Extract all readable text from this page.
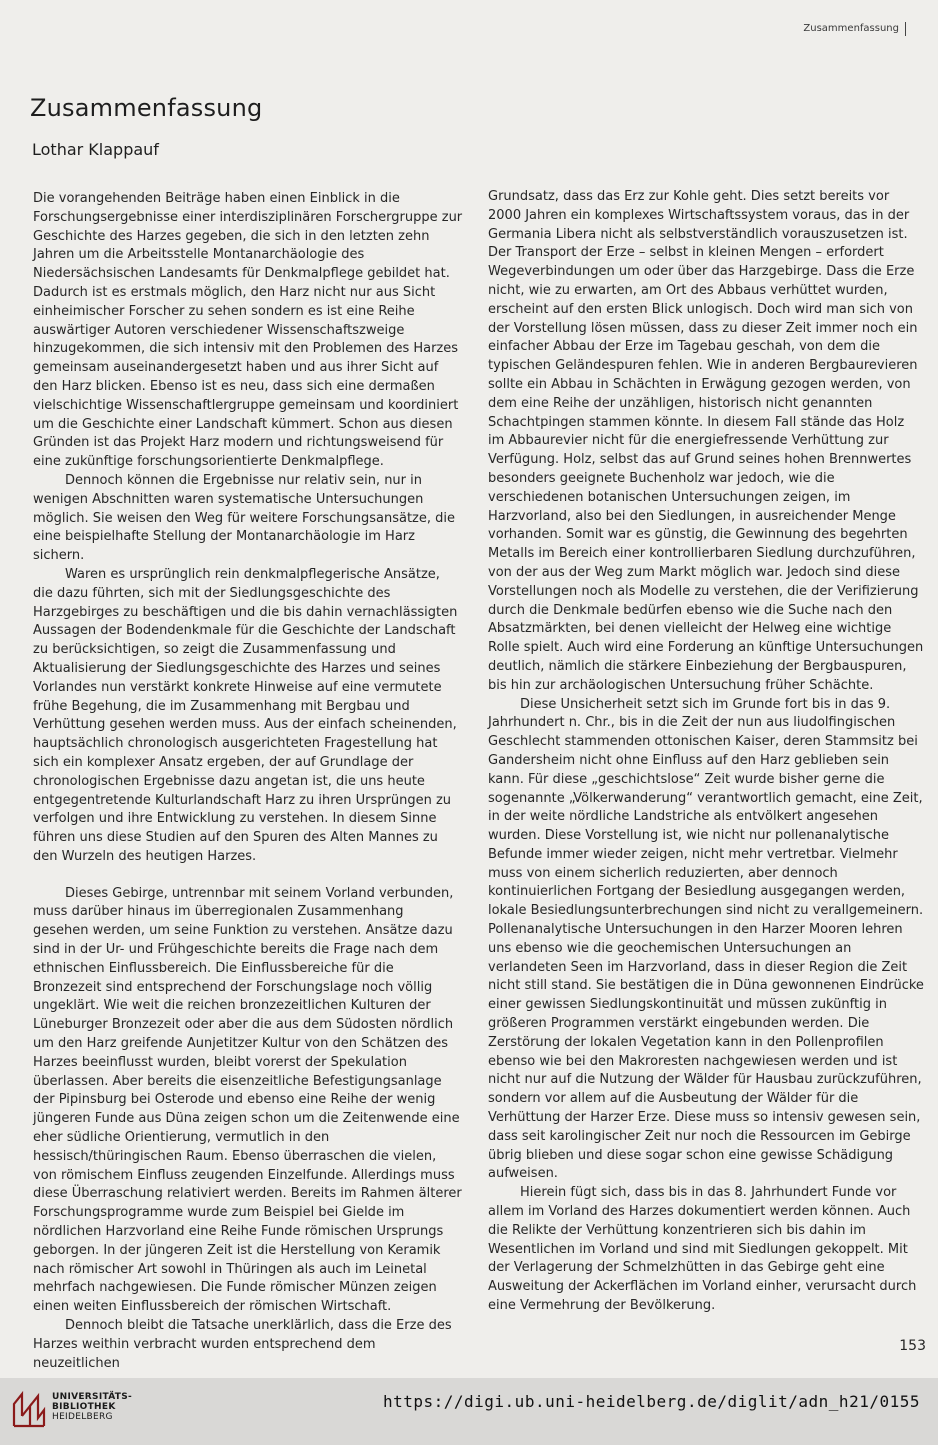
Zusammenfassung
Zusammenfassung
Lothar Klappauf

Die vorangehenden Beiträge haben einen Einblick in die Forschungsergebnisse einer interdisziplinären Forschergruppe zur Geschichte des Harzes gegeben, die sich in den letzten zehn Jahren um die Arbeitsstelle Montanarchäologie des Niedersächsischen Landesamts für Denkmalpflege gebildet hat. Dadurch ist es erstmals möglich, den Harz nicht nur aus Sicht einheimischer Forscher zu sehen sondern es ist eine Reihe auswärtiger Autoren verschiedener Wissenschaftszweige hinzugekommen, die sich intensiv mit den Problemen des Harzes gemeinsam auseinandergesetzt haben und aus ihrer Sicht auf den Harz blicken. Ebenso ist es neu, dass sich eine dermaßen vielschichtige Wissenschaftlergruppe gemeinsam und koordiniert um die Geschichte einer Landschaft kümmert. Schon aus diesen Gründen ist das Projekt Harz modern und richtungsweisend für eine zukünftige forschungsorientierte Denkmalpflege.

Dennoch können die Ergebnisse nur relativ sein, nur in wenigen Abschnitten waren systematische Untersuchungen möglich. Sie weisen den Weg für weitere Forschungsansätze, die eine beispielhafte Stellung der Montanarchäologie im Harz sichern.

Waren es ursprünglich rein denkmalpflegerische Ansätze, die dazu führten, sich mit der Siedlungsgeschichte des Harzgebirges zu beschäftigen und die bis dahin vernachlässigten Aussagen der Bodendenkmale für die Geschichte der Landschaft zu berücksichtigen, so zeigt die Zusammenfassung und Aktualisierung der Siedlungsgeschichte des Harzes und seines Vorlandes nun verstärkt konkrete Hinweise auf eine vermutete frühe Begehung, die im Zusammenhang mit Bergbau und Verhüttung gesehen werden muss. Aus der einfach scheinenden, hauptsächlich chronologisch ausgerichteten Fragestellung hat sich ein komplexer Ansatz ergeben, der auf Grundlage der chronologischen Ergebnisse dazu angetan ist, die uns heute entgegentretende Kulturlandschaft Harz zu ihren Ursprüngen zu verfolgen und ihre Entwicklung zu verstehen. In diesem Sinne führen uns diese Studien auf den Spuren des Alten Mannes zu den Wurzeln des heutigen Harzes.

Dieses Gebirge, untrennbar mit seinem Vorland verbunden, muss darüber hinaus im überregionalen Zusammenhang gesehen werden, um seine Funktion zu verstehen. Ansätze dazu sind in der Ur- und Frühgeschichte bereits die Frage nach dem ethnischen Einflussbereich. Die Einflussbereiche für die Bronzezeit sind entsprechend der Forschungslage noch völlig ungeklärt. Wie weit die reichen bronzezeitlichen Kulturen der Lüneburger Bronzezeit oder aber die aus dem Südosten nördlich um den Harz greifende Aunjetitzer Kultur von den Schätzen des Harzes beeinflusst wurden, bleibt vorerst der Spekulation überlassen. Aber bereits die eisenzeitliche Befestigungsanlage der Pipinsburg bei Osterode und ebenso eine Reihe der wenig jüngeren Funde aus Düna zeigen schon um die Zeitenwende eine eher südliche Orientierung, vermutlich in den hessisch/thüringischen Raum. Ebenso überraschen die vielen, von römischem Einfluss zeugenden Einzelfunde. Allerdings muss diese Überraschung relativiert werden. Bereits im Rahmen älterer Forschungsprogramme wurde zum Beispiel bei Gielde im nördlichen Harzvorland eine Reihe Funde römischen Ursprungs geborgen. In der jüngeren Zeit ist die Herstellung von Keramik nach römischer Art sowohl in Thüringen als auch im Leinetal mehrfach nachgewiesen. Die Funde römischer Münzen zeigen einen weiten Einflussbereich der römischen Wirtschaft.

Dennoch bleibt die Tatsache unerklärlich, dass die Erze des Harzes weithin verbracht wurden entsprechend dem neuzeitlichen

Grundsatz, dass das Erz zur Kohle geht. Dies setzt bereits vor 2000 Jahren ein komplexes Wirtschaftssystem voraus, das in der Germania Libera nicht als selbstverständlich vorauszusetzen ist. Der Transport der Erze – selbst in kleinen Mengen – erfordert Wegeverbindungen um oder über das Harzgebirge. Dass die Erze nicht, wie zu erwarten, am Ort des Abbaus verhüttet wurden, erscheint auf den ersten Blick unlogisch. Doch wird man sich von der Vorstellung lösen müssen, dass zu dieser Zeit immer noch ein einfacher Abbau der Erze im Tagebau geschah, von dem die typischen Geländespuren fehlen. Wie in anderen Bergbaurevieren sollte ein Abbau in Schächten in Erwägung gezogen werden, von dem eine Reihe der unzähligen, historisch nicht genannten Schachtpingen stammen könnte. In diesem Fall stände das Holz im Abbaurevier nicht für die energiefressende Verhüttung zur Verfügung. Holz, selbst das auf Grund seines hohen Brennwertes besonders geeignete Buchenholz war jedoch, wie die verschiedenen botanischen Untersuchungen zeigen, im Harzvorland, also bei den Siedlungen, in ausreichender Menge vorhanden. Somit war es günstig, die Gewinnung des begehrten Metalls im Bereich einer kontrollierbaren Siedlung durchzuführen, von der aus der Weg zum Markt möglich war. Jedoch sind diese Vorstellungen noch als Modelle zu verstehen, die der Verifizierung durch die Denkmale bedürfen ebenso wie die Suche nach den Absatzmärkten, bei denen vielleicht der Helweg eine wichtige Rolle spielt. Auch wird eine Forderung an künftige Untersuchungen deutlich, nämlich die stärkere Einbeziehung der Bergbauspuren, bis hin zur archäologischen Untersuchung früher Schächte.

Diese Unsicherheit setzt sich im Grunde fort bis in das 9. Jahrhundert n. Chr., bis in die Zeit der nun aus liudolfingischen Geschlecht stammenden ottonischen Kaiser, deren Stammsitz bei Gandersheim nicht ohne Einfluss auf den Harz geblieben sein kann. Für diese „geschichtslose“ Zeit wurde bisher gerne die sogenannte „Völkerwanderung“ verantwortlich gemacht, eine Zeit, in der weite nördliche Landstriche als entvölkert angesehen wurden. Diese Vorstellung ist, wie nicht nur pollenanalytische Befunde immer wieder zeigen, nicht mehr vertretbar. Vielmehr muss von einem sicherlich reduzierten, aber dennoch kontinuierlichen Fortgang der Besiedlung ausgegangen werden, lokale Besiedlungsunterbrechungen sind nicht zu verallgemeinern. Pollenanalytische Untersuchungen in den Harzer Mooren lehren uns ebenso wie die geochemischen Untersuchungen an verlandeten Seen im Harzvorland, dass in dieser Region die Zeit nicht still stand. Sie bestätigen die in Düna gewonnenen Eindrücke einer gewissen Siedlungskontinuität und müssen zukünftig in größeren Programmen verstärkt eingebunden werden. Die Zerstörung der lokalen Vegetation kann in den Pollenprofilen ebenso wie bei den Makroresten nachgewiesen werden und ist nicht nur auf die Nutzung der Wälder für Hausbau zurückzuführen, sondern vor allem auf die Ausbeutung der Wälder für die Verhüttung der Harzer Erze. Diese muss so intensiv gewesen sein, dass seit karolingischer Zeit nur noch die Ressourcen im Gebirge übrig blieben und diese sogar schon eine gewisse Schädigung aufweisen.

Hierein fügt sich, dass bis in das 8. Jahrhundert Funde vor allem im Vorland des Harzes dokumentiert werden können. Auch die Relikte der Verhüttung konzentrieren sich bis dahin im Wesentlichen im Vorland und sind mit Siedlungen gekoppelt. Mit der Verlagerung der Schmelzhütten in das Gebirge geht eine Ausweitung der Ackerflächen im Vorland einher, verursacht durch eine Vermehrung der Bevölkerung.

153
UNIVERSITÄTS-
BIBLIOTHEK
HEIDELBERG
https://digi.ub.uni-heidelberg.de/diglit/adn_h21/0155
